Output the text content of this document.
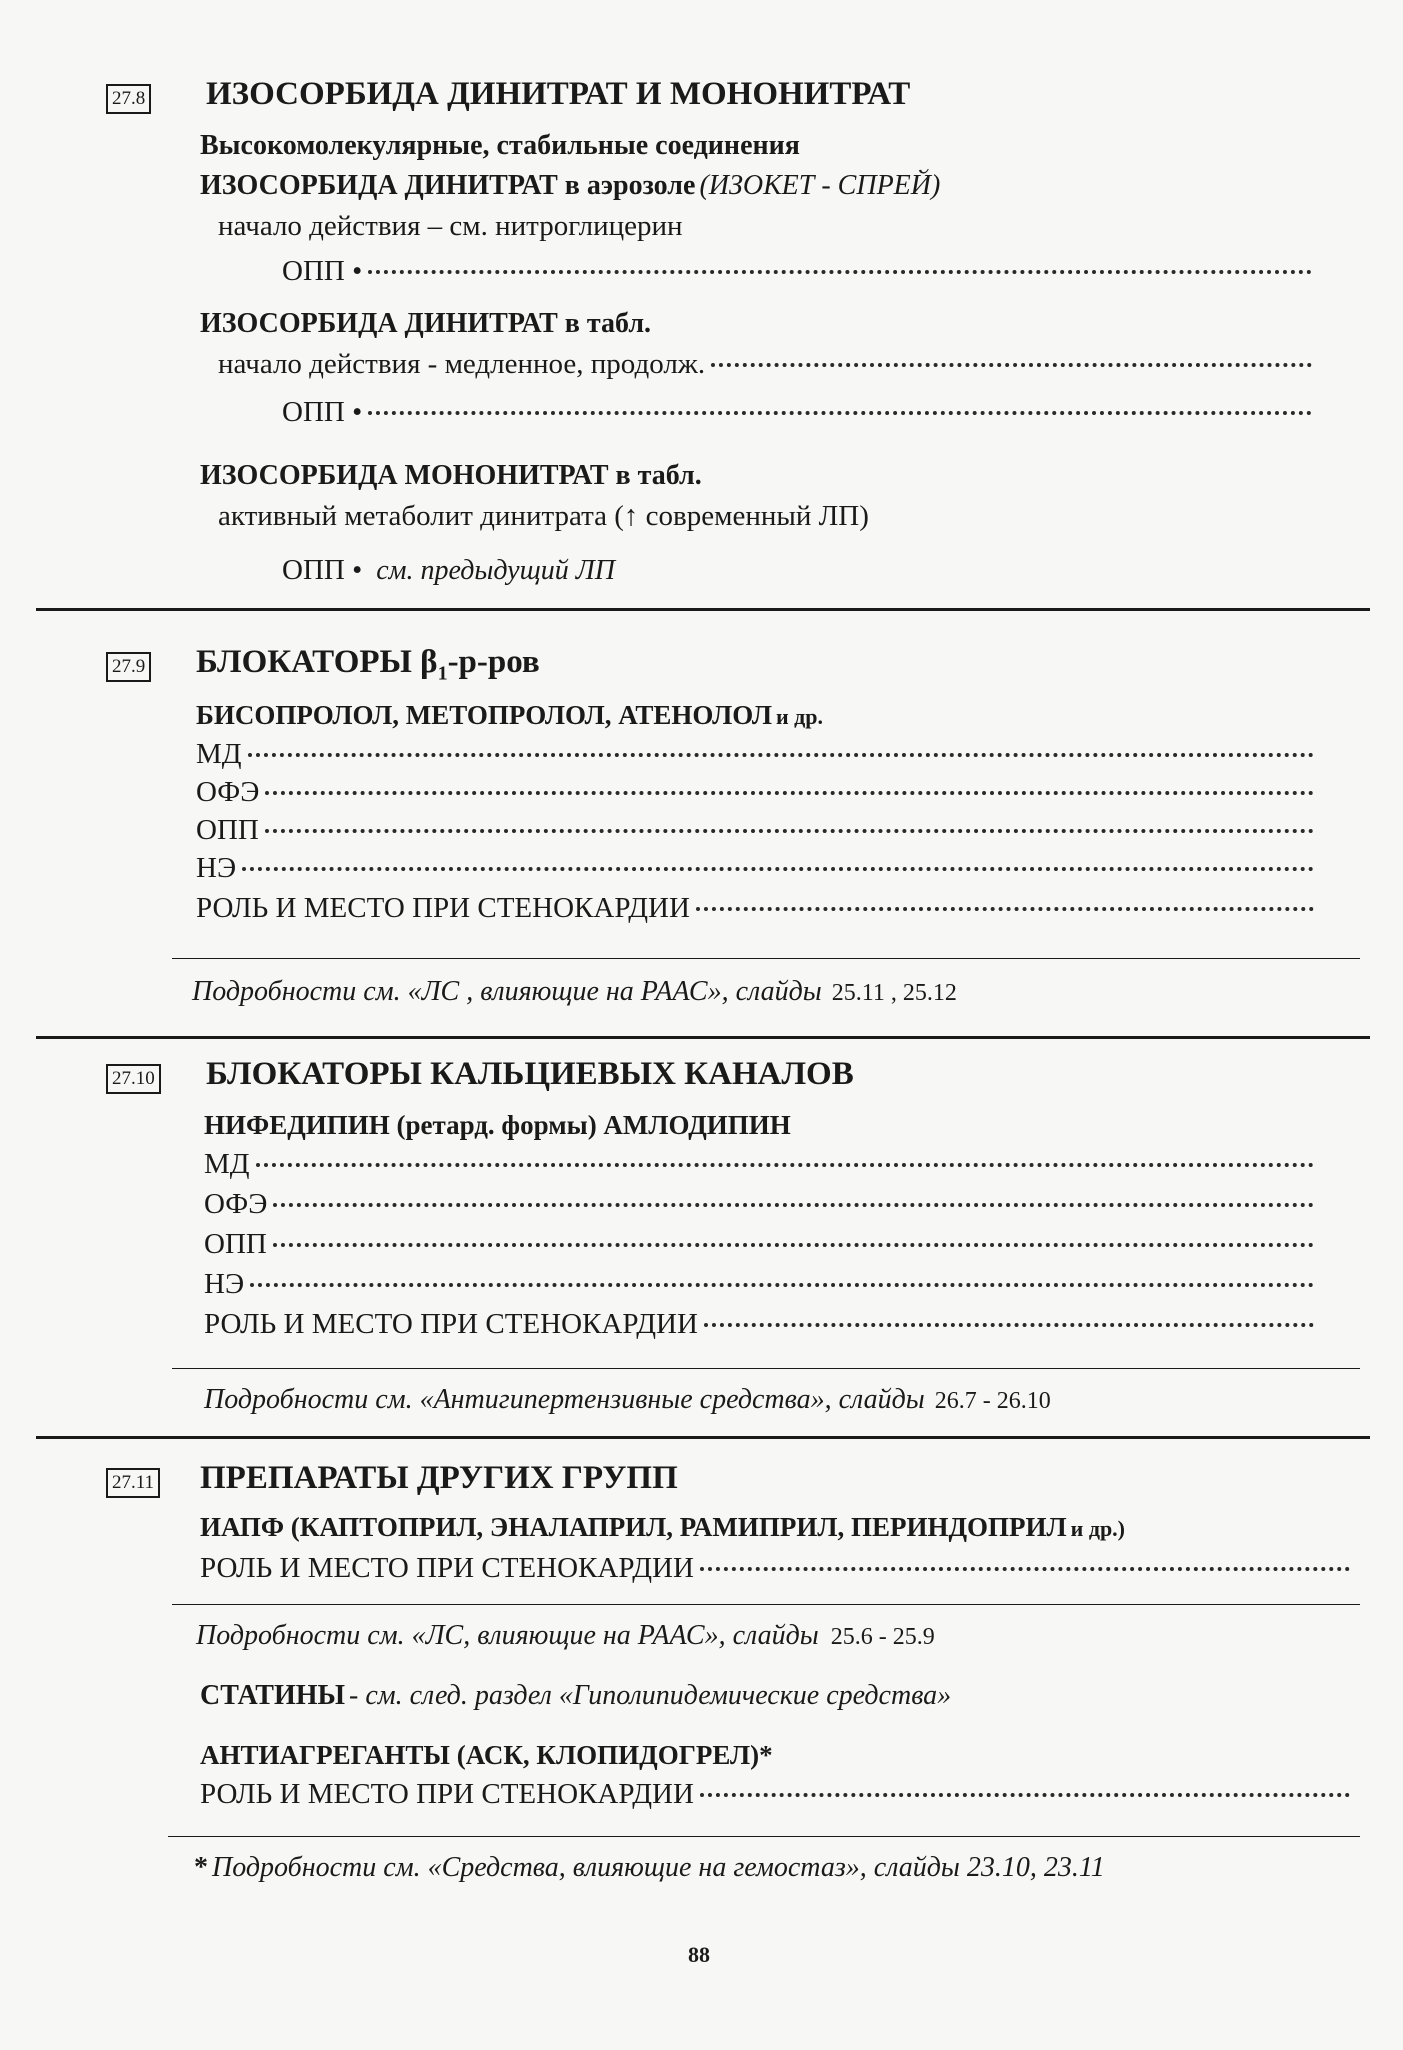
27.8 ИЗОСОРБИДА ДИНИТРАТ И МОНОНИТРАТ
Высокомолекулярные, стабильные соединения
ИЗОСОРБИДА ДИНИТРАТ в аэрозоле (ИЗОКЕТ - СПРЕЙ)
начало действия – см. нитроглицерин
ОПП •
ИЗОСОРБИДА ДИНИТРАТ в табл.
начало действия - медленное, продолж.
ОПП •
ИЗОСОРБИДА МОНОНИТРАТ в табл.
активный метаболит динитрата (↑ современный ЛП)
ОПП • см. предыдущий ЛП
27.9 БЛОКАТОРЫ $\beta_1-р$-ров
БИСОПРОЛОЛ, МЕТОПРОЛОЛ, АТЕНОЛОЛ и др.
МД
ОФЭ
ОПП
НЭ
РОЛЬ И МЕСТО ПРИ СТЕНОКАРДИИ
Подробности см. «ЛС , влияющие на РААС», слайды 25.11 , 25.12
27.10 БЛОКАТОРЫ КАЛЬЦИЕВЫХ КАНАЛОВ
НИФЕДИПИН (ретард. формы) АМЛОДИПИН
МД
ОФЭ
ОПП
НЭ
РОЛЬ И МЕСТО ПРИ СТЕНОКАРДИИ
Подробности см. «Антигипертензивные средства», слайды 26.7 - 26.10
27.11 ПРЕПАРАТЫ ДРУГИХ ГРУПП
ИАПФ (КАПТОПРИЛ, ЭНАЛАПРИЛ, РАМИПРИЛ, ПЕРИНДОПРИЛ и др.)
РОЛЬ И МЕСТО ПРИ СТЕНОКАРДИИ
Подробности см. «ЛС, влияющие на РААС», слайды 25.6 - 25.9
СТАТИНЫ - см. след. раздел «Гиполипидемические средства»
АНТИАГРЕГАНТЫ (АСК, КЛОПИДОГРЕЛ)*
РОЛЬ И МЕСТО ПРИ СТЕНОКАРДИИ
* Подробности см. «Средства, влияющие на гемостаз», слайды 23.10, 23.11
88
